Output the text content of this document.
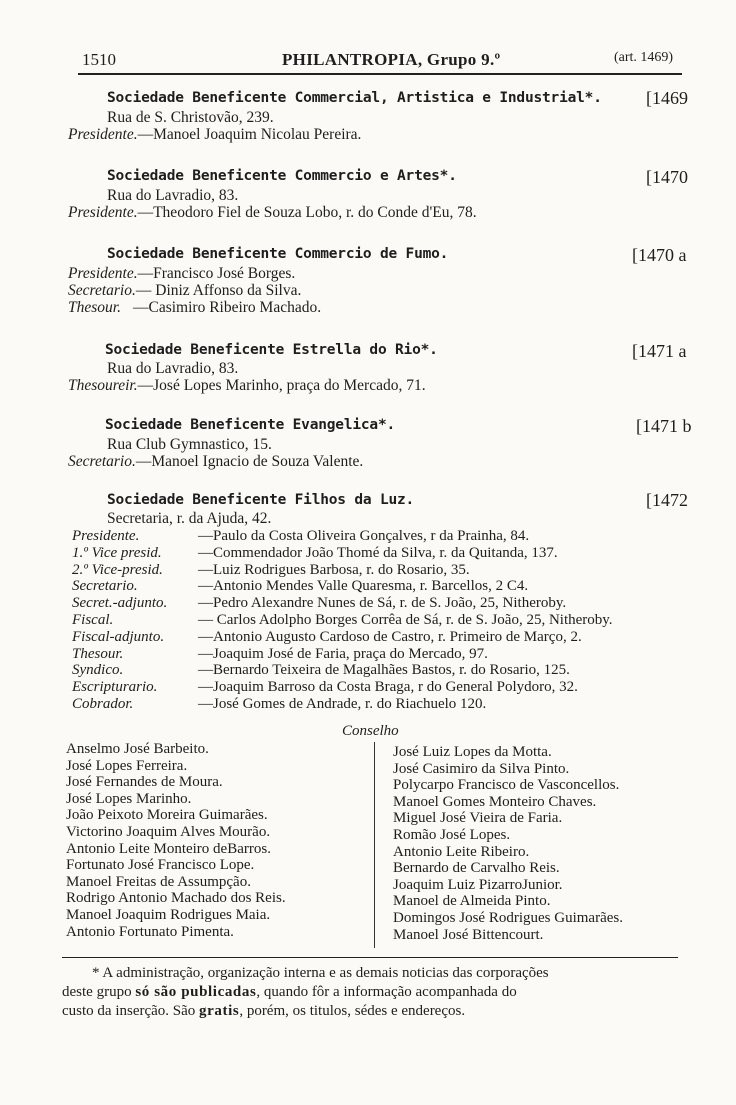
1510	PHILANTROPIA, Grupo 9.º	(art. 1469)
Sociedade Beneficente Commercial, Artistica e Industrial*. [1469
Rua de S. Christovão, 239.
Presidente.—Manoel Joaquim Nicolau Pereira.
Sociedade Beneficente Commercio e Artes*.	[1470
Rua do Lavradio, 83.
Presidente.—Theodoro Fiel de Souza Lobo, r. do Conde d'Eu, 78.
Sociedade Beneficente Commercio de Fumo.	[1470 a
Presidente.—Francisco José Borges.
Secretario.— Diniz Affonso da Silva.
Thesour. —Casimiro Ribeiro Machado.
Sociedade Beneficente Estrella do Rio*.	[1471 a
Rua do Lavradio, 83.
Thesoureir.—José Lopes Marinho, praça do Mercado, 71.
Sociedade Beneficente Evangelica*.	[1471 b
Rua Club Gymnastico, 15.
Secretario.—Manoel Ignacio de Souza Valente.
Sociedade Beneficente Filhos da Luz.	[1472
Secretaria, r. da Ajuda, 42.
Presidente.	—Paulo da Costa Oliveira Gonçalves, r da Prainha, 84.
1.º Vice presid. —Commendador João Thomé da Silva, r. da Quitanda, 137.
2.º Vice-presid. —Luiz Rodrigues Barbosa, r. do Rosario, 35.
Secretario.	—Antonio Mendes Valle Quaresma, r. Barcellos, 2 C4.
Secret.-adjunto. —Pedro Alexandre Nunes de Sá, r. de S. João, 25, Nitheroby.
Fiscal.	— Carlos Adolpho Borges Corrêa de Sá, r. de S. João, 25, Nitheroby.
Fiscal-adjunto. —Antonio Augusto Cardoso de Castro, r. Primeiro de Março, 2.
Thesour.	—Joaquim José de Faria, praça do Mercado, 97.
Syndico.	—Bernardo Teixeira de Magalhães Bastos, r. do Rosario, 125.
Escripturario.	—Joaquim Barroso da Costa Braga, r do General Polydoro, 32.
Cobrador.	—José Gomes de Andrade, r. do Riachuelo 120.
Conselho
Anselmo José Barbeito.
José Lopes Ferreira.
José Fernandes de Moura.
José Lopes Marinho.
João Peixoto Moreira Guimarães.
Victorino Joaquim Alves Mourão.
Antonio Leite Monteiro deBarros.
Fortunato José Francisco Lope.
Manoel Freitas de Assumpção.
Rodrigo Antonio Machado dos Reis.
Manoel Joaquim Rodrigues Maia.
Antonio Fortunato Pimenta.
José Luiz Lopes da Motta.
José Casimiro da Silva Pinto.
Polycarpo Francisco de Vasconcellos.
Manoel Gomes Monteiro Chaves.
Miguel José Vieira de Faria.
Romão José Lopes.
Antonio Leite Ribeiro.
Bernardo de Carvalho Reis.
Joaquim Luiz PizarroJunior.
Manoel de Almeida Pinto.
Domingos José Rodrigues Guimarães.
Manoel José Bittencourt.
* A administração, organização interna e as demais noticias das corporações
deste grupo só são publicadas, quando fôr a informação acompanhada do
custo da inserção. São gratis, porém, os titulos, sédes e endereços.
